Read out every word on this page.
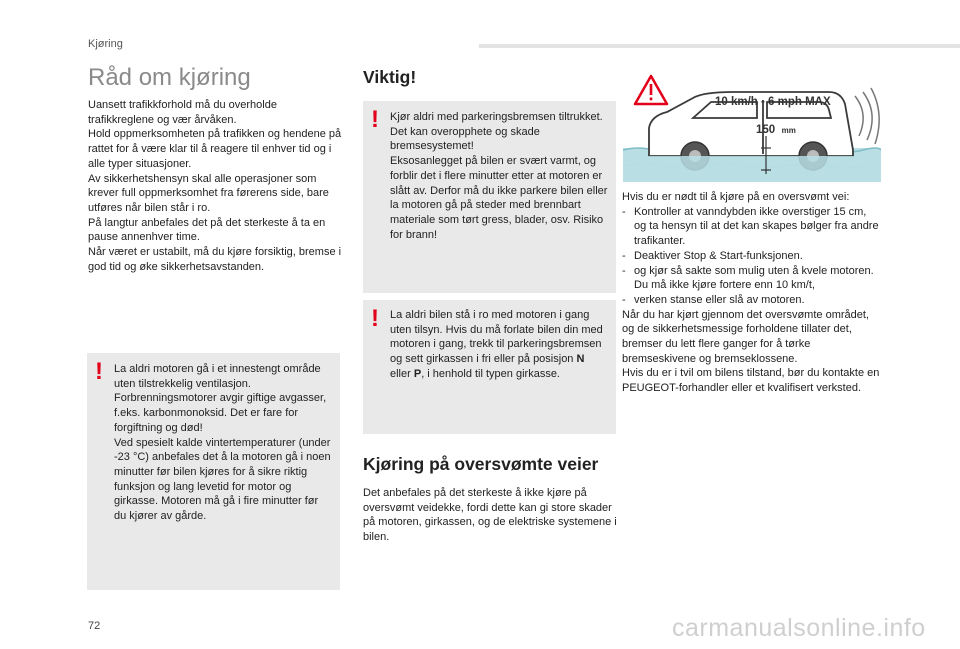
Kjøring
Råd om kjøring

Uansett trafikkforhold må du overholde trafikkreglene og vær årvåken.

Hold oppmerksomheten på trafikken og hendene på rattet for å være klar til å reagere til enhver tid og i alle typer situasjoner.

Av sikkerhetshensyn skal alle operasjoner som krever full oppmerksomhet fra førerens side, bare utføres når bilen står i ro.

På langtur anbefales det på det sterkeste å ta en pause annenhver time.

Når været er ustabilt, må du kjøre forsiktig, bremse i god tid og øke sikkerhetsavstanden.

! La aldri motoren gå i et innestengt område uten tilstrekkelig ventilasjon. Forbrenningsmotorer avgir giftige avgasser, f.eks. karbonmonoksid. Det er fare for forgiftning og død!

Ved spesielt kalde vintertemperaturer (under -23 °C) anbefales det å la motoren gå i noen minutter før bilen kjøres for å sikre riktig funksjon og lang levetid for motor og girkasse. Motoren må gå i fire minutter før du kjører av gårde.

Viktig!
! Kjør aldri med parkeringsbremsen tiltrukket. Det kan overopphete og skade bremsesystemet!

Eksosanlegget på bilen er svært varmt, og forblir det i flere minutter etter at motoren er slått av. Derfor må du ikke parkere bilen eller la motoren gå på steder med brennbart materiale som tørt gress, blader, osv. Risiko for brann!

! La aldri bilen stå i ro med motoren i gang uten tilsyn. Hvis du må forlate bilen din med motoren i gang, trekk til parkeringsbremsen og sett girkassen i fri eller på posisjon N eller P, i henhold til typen girkasse.

Kjøring på oversvømte veier

Det anbefales på det sterkeste å ikke kjøre på oversvømt veidekke, fordi dette kan gi store skader på motoren, girkassen, og de elektriske systemene i bilen.

10 km/h - 6 mph MAX
150 mm

Hvis du er nødt til å kjøre på en oversvømt vei:

- Kontroller at vanndybden ikke overstiger 15 cm, og ta hensyn til at det kan skapes bølger fra andre trafikanter.
- Deaktiver Stop & Start-funksjonen.
- og kjør så sakte som mulig uten å kvele motoren. Du må ikke kjøre fortere enn 10 km/t,
- verken stanse eller slå av motoren.

Når du har kjørt gjennom det oversvømte området, og de sikkerhetsmessige forholdene tillater det, bremser du lett flere ganger for å tørke bremseskivene og bremseklossene.

Hvis du er i tvil om bilens tilstand, bør du kontakte en PEUGEOT-forhandler eller et kvalifisert verksted.

72	carmanualsonline.info
